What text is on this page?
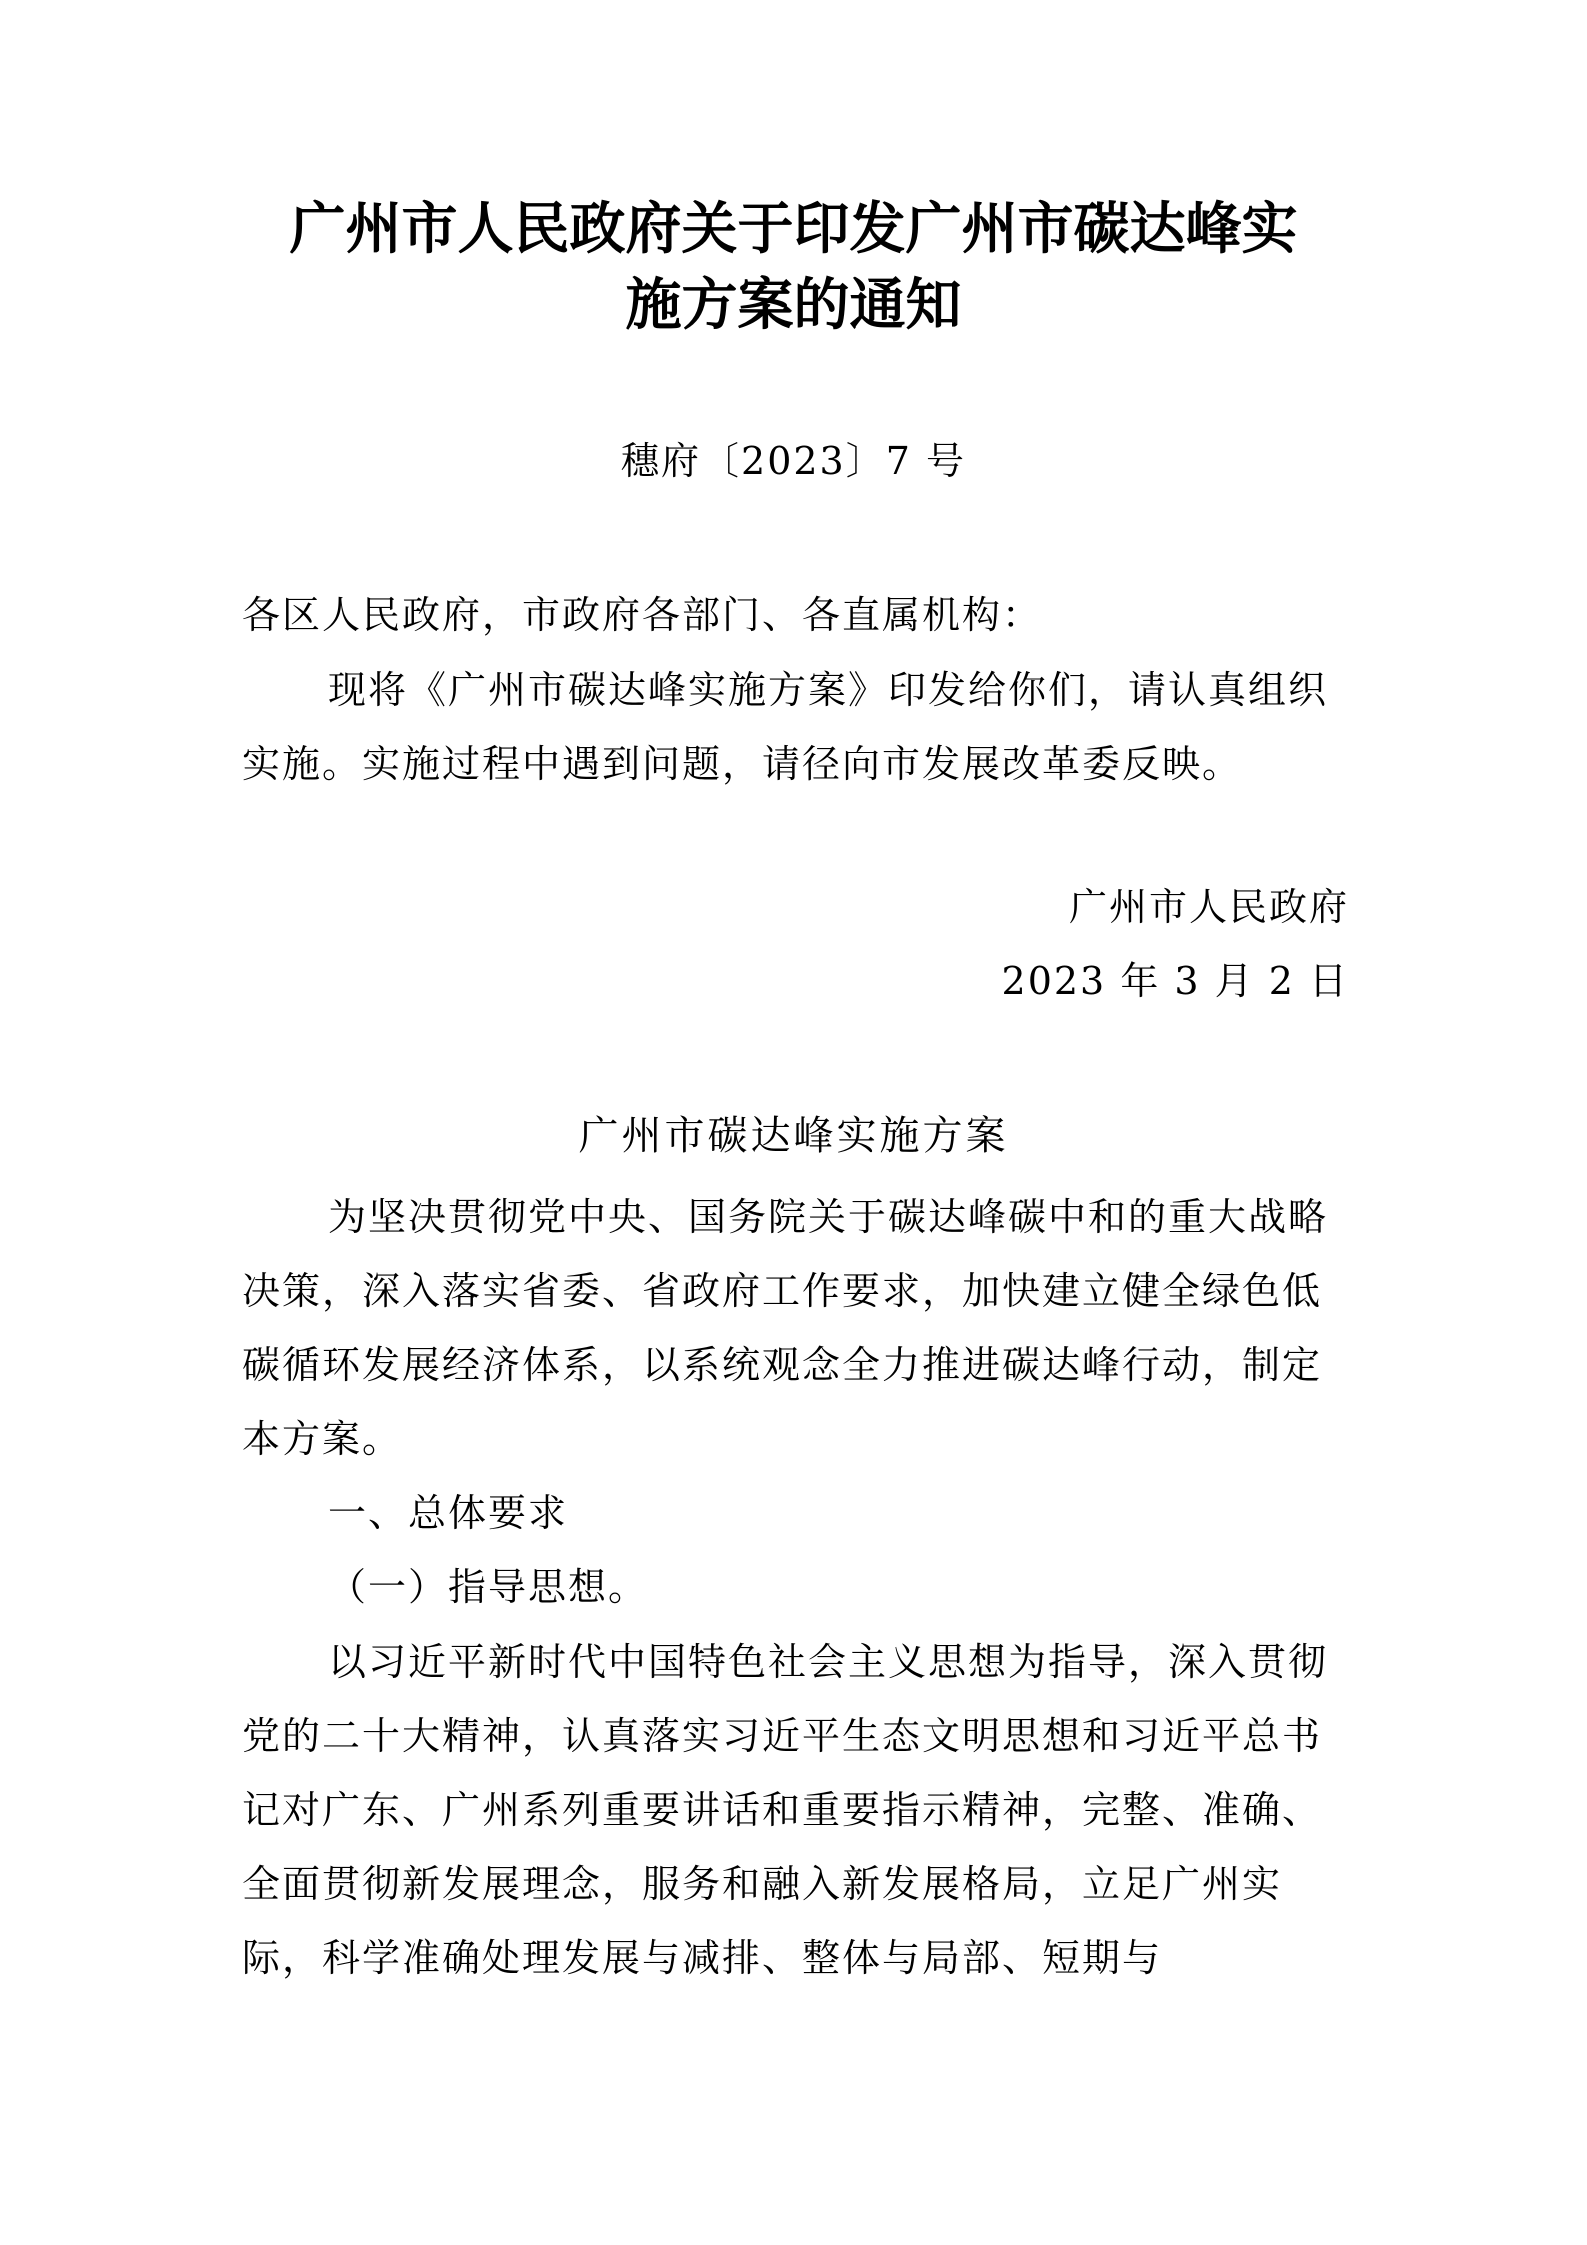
广州市人民政府关于印发广州市碳达峰实
施方案的通知
穗府〔2023〕7 号
各区人民政府，市政府各部门、各直属机构：
现将《广州市碳达峰实施方案》印发给你们，请认真组织实施。实施过程中遇到问题，请径向市发展改革委反映。
广州市人民政府
2023 年 3 月 2 日
广州市碳达峰实施方案
为坚决贯彻党中央、国务院关于碳达峰碳中和的重大战略决策，深入落实省委、省政府工作要求，加快建立健全绿色低碳循环发展经济体系，以系统观念全力推进碳达峰行动，制定本方案。
一、总体要求
（一）指导思想。
以习近平新时代中国特色社会主义思想为指导，深入贯彻党的二十大精神，认真落实习近平生态文明思想和习近平总书记对广东、广州系列重要讲话和重要指示精神，完整、准确、全面贯彻新发展理念，服务和融入新发展格局，立足广州实际，科学准确处理发展与减排、整体与局部、短期与
